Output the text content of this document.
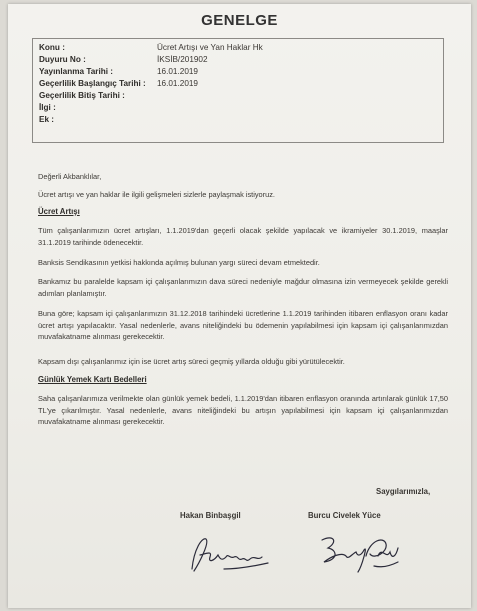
GENELGE
Konu :	Ücret Artışı ve Yan Haklar Hk
Duyuru No :	İKSİB/201902
Yayınlanma Tarihi :	16.01.2019
Geçerlilik Başlangıç Tarihi : 16.01.2019
Geçerlilik Bitiş Tarihi :
İlgi :
Ek :
Değerli Akbanklılar,
Ücret artışı ve yan haklar ile ilgili gelişmeleri sizlerle paylaşmak istiyoruz.
Ücret Artışı
Tüm çalışanlarımızın ücret artışları, 1.1.2019'dan geçerli olacak şekilde yapılacak ve ikramiyeler 30.1.2019, maaşlar 31.1.2019 tarihinde ödenecektir.
Banksis Sendikasının yetkisi hakkında açılmış bulunan yargı süreci devam etmektedir.
Bankamız bu paralelde kapsam içi çalışanlarımızın dava süreci nedeniyle mağdur olmasına izin vermeyecek şekilde gerekli adımları planlamıştır.
Buna göre; kapsam içi çalışanlarımızın 31.12.2018 tarihindeki ücretlerine 1.1.2019 tarihinden itibaren enflasyon oranı kadar ücret artışı yapılacaktır. Yasal nedenlerle, avans niteliğindeki bu ödemenin yapılabilmesi için kapsam içi çalışanlarımızdan muvafakatname alınması gerekecektir.
Kapsam dışı çalışanlarımız için ise ücret artış süreci geçmiş yıllarda olduğu gibi yürütülecektir.
Günlük Yemek Kartı Bedelleri
Saha çalışanlarımıza verilmekte olan günlük yemek bedeli, 1.1.2019'dan itibaren enflasyon oranında artırılarak günlük 17,50 TL'ye çıkarılmıştır. Yasal nedenlerle, avans niteliğindeki bu artışın yapılabilmesi için kapsam içi çalışanlarımızdan muvafakatname alınması gerekecektir.
Saygılarımızla,
Hakan Binbaşgil	Burcu Civelek Yüce
